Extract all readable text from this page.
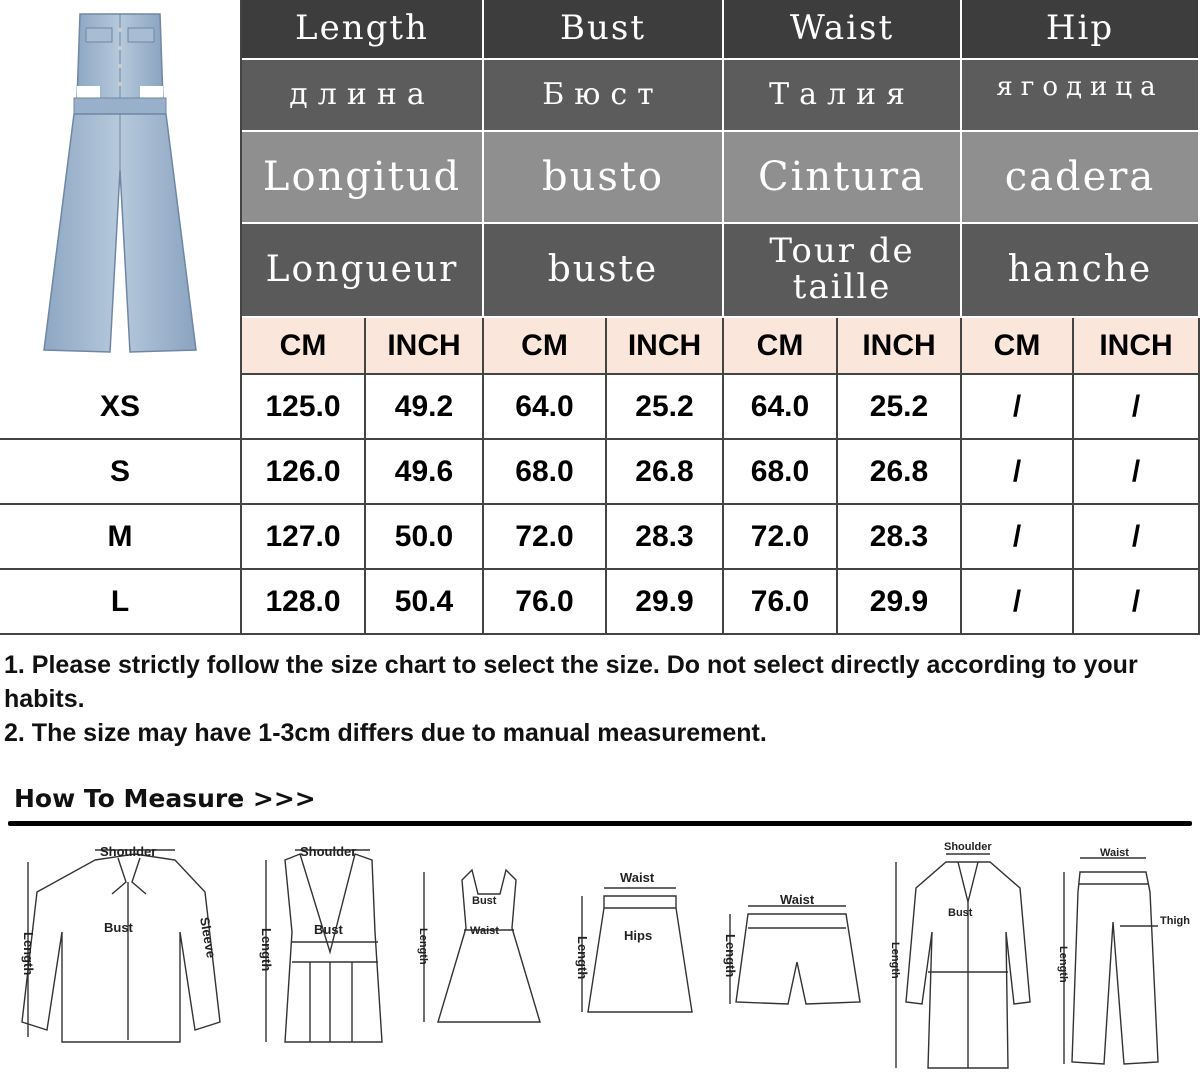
Length	Bust	Waist	Hip
длина	Бюст	Талия	ягодица
Longitud	busto	Cintura	cadera
Longueur	buste	Tour de taille	hanche
CM	INCH	CM	INCH	CM	INCH	CM	INCH
XS	125.0	49.2	64.0	25.2	64.0	25.2	/	/
S	126.0	49.6	68.0	26.8	68.0	26.8	/	/
M	127.0	50.0	72.0	28.3	72.0	28.3	/	/
L	128.0	50.4	76.0	29.9	76.0	29.9	/	/
1. Please strictly follow the size chart to select the size. Do not select directly according to your habits.
2. The size may have 1-3cm differs due to manual measurement.
How To Measure >>>
Shoulder
Bust	Sleeve
Length
Shoulder
Bust
Length
Bust
Waist
Length
Waist
Hips
Length
Waist
Length
Shoulder
Bust
Length
Waist
Thigh
Length
